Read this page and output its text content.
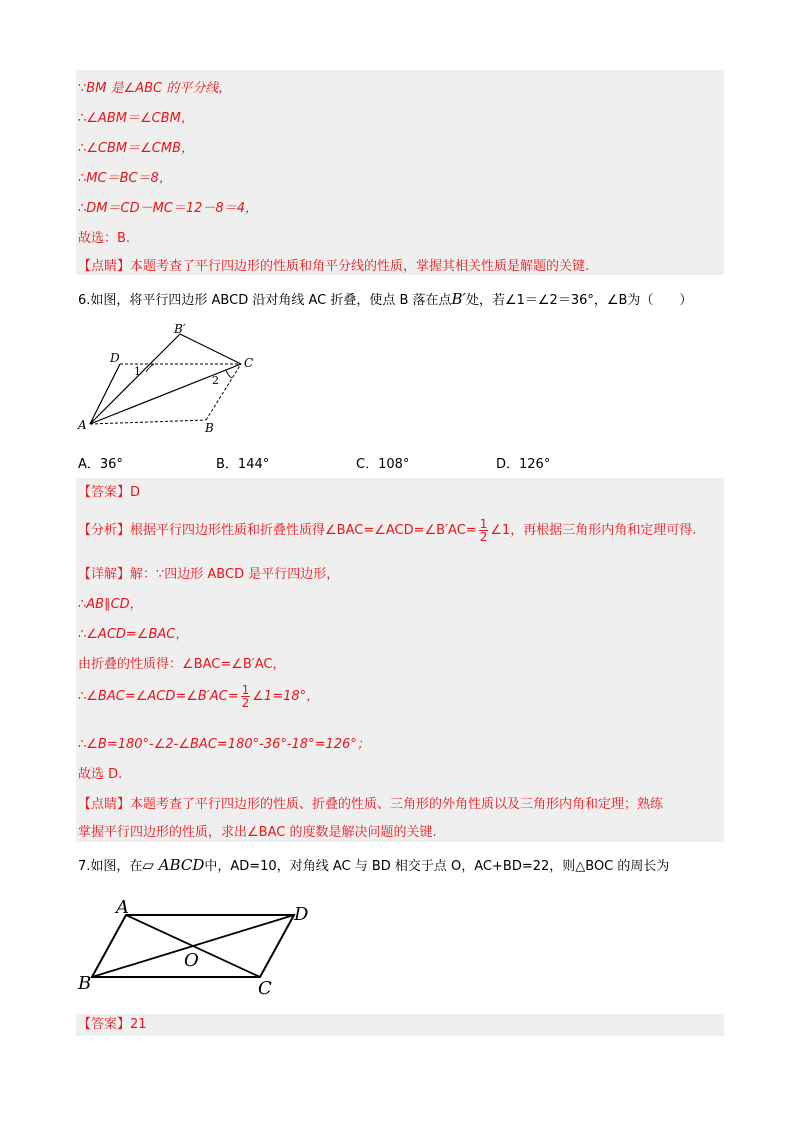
∵BM 是∠ABC 的平分线，
∴∠ABM＝∠CBM，
∴∠CBM＝∠CMB，
∴MC＝BC＝8，
∴DM＝CD－MC＝12－8＝4，
故选：B.
【点睛】本题考查了平行四边形的性质和角平分线的性质，掌握其相关性质是解题的关键.
6.如图，将平行四边形 ABCD 沿对角线 AC 折叠，使点 B 落在点B′处，若∠1＝∠2＝36°，∠B为（　　）
B′
D	C
A	B
1
2
A．36°	B．144°	C．108°	D．126°
【答案】D
【分析】根据平行四边形性质和折叠性质得∠BAC=∠ACD=∠B′AC= $\frac{1}{2}$ ∠1，再根据三角形内角和定理可得.
【详解】解：∵四边形 ABCD 是平行四边形，
∴AB∥CD，
∴∠ACD=∠BAC，
由折叠的性质得：∠BAC=∠B′AC，
∴∠BAC=∠ACD=∠B′AC= $\frac{1}{2}$ ∠1=18°，
∴∠B=180°-∠2-∠BAC=180°-36°-18°=126°；
故选 D.
【点睛】本题考查了平行四边形的性质、折叠的性质、三角形的外角性质以及三角形内角和定理；熟练
掌握平行四边形的性质，求出∠BAC 的度数是解决问题的关键.
7.如图，在▱ ABCD中，AD=10，对角线 AC 与 BD 相交于点 O，AC+BD=22，则△BOC 的周长为
A	D
O
B	C
【答案】21
